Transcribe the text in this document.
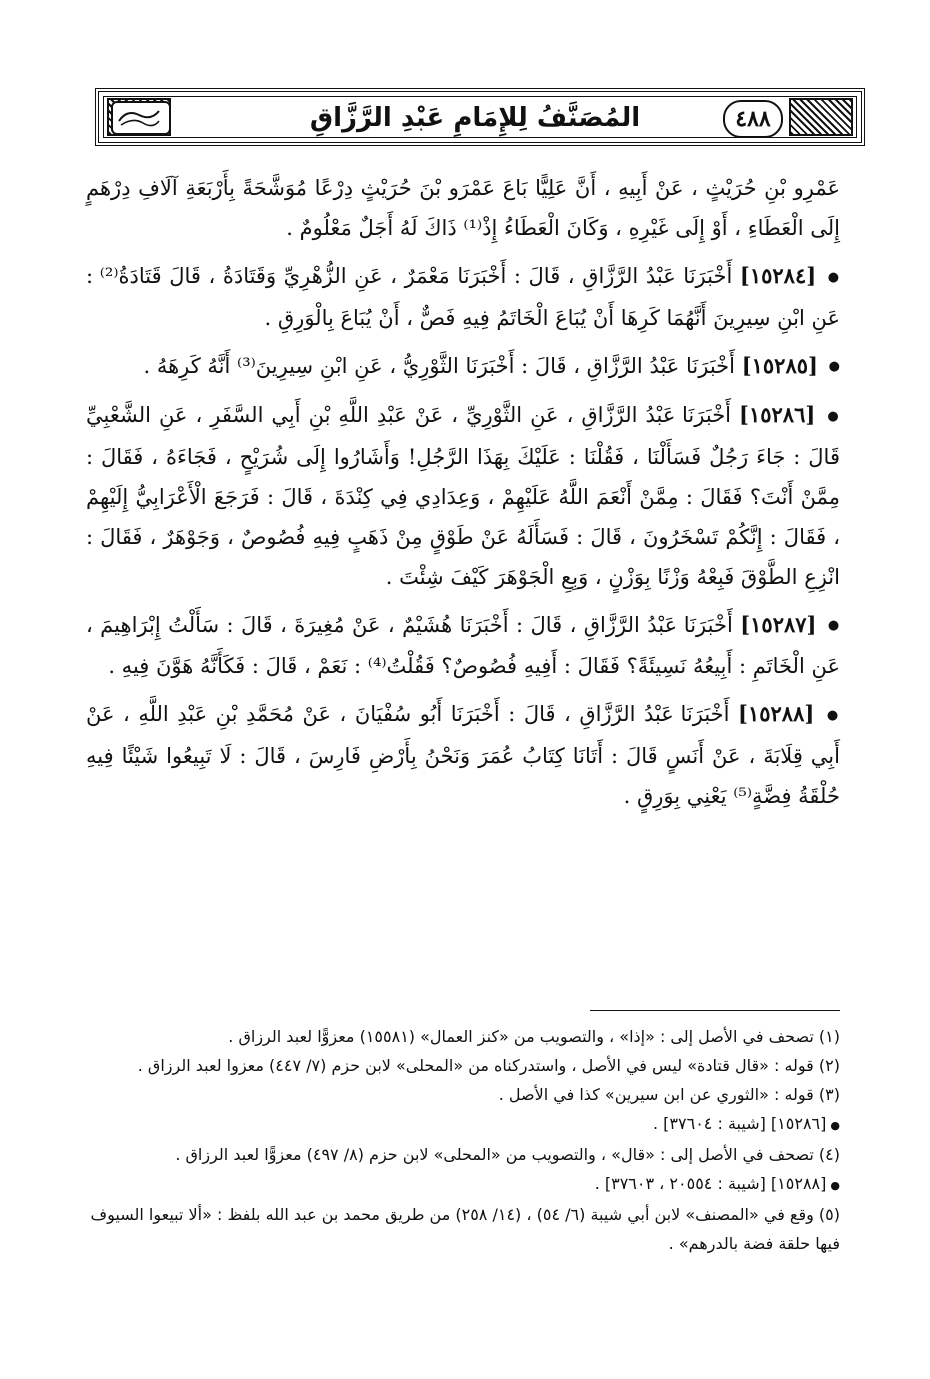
٤٨٨
المُصَنَّفُ لِلإِمَامِ عَبْدِ الرَّزَّاقِ

عَمْرِو بْنِ حُرَيْثٍ ، عَنْ أَبِيهِ ، أَنَّ عَلِيًّا بَاعَ عَمْرَو بْنَ حُرَيْثٍ دِرْعًا مُوَشَّحَةً بِأَرْبَعَةِ آلَافِ دِرْهَمٍ إِلَى الْعَطَاءِ ، أَوْ إِلَى غَيْرِهِ ، وَكَانَ الْعَطَاءُ إِذْ⁽¹⁾ ذَاكَ لَهُ أَجَلٌ مَعْلُومٌ .

● [١٥٢٨٤] أَخْبَرَنَا عَبْدُ الرَّزَّاقِ ، قَالَ : أَخْبَرَنَا مَعْمَرٌ ، عَنِ الزُّهْرِيِّ وَقَتَادَةُ ، قَالَ قَتَادَةُ⁽²⁾ : عَنِ ابْنِ سِيرِينَ أَنَّهُمَا كَرِهَا أَنْ يُبَاعَ الْخَاتَمُ فِيهِ فَصٌّ ، أَنْ يُبَاعَ بِالْوَرِقِ .

● [١٥٢٨٥] أَخْبَرَنَا عَبْدُ الرَّزَّاقِ ، قَالَ : أَخْبَرَنَا الثَّوْرِيُّ ، عَنِ ابْنِ سِيرِينَ⁽³⁾ أَنَّهُ كَرِهَهُ .

● [١٥٢٨٦] أَخْبَرَنَا عَبْدُ الرَّزَّاقِ ، عَنِ الثَّوْرِيِّ ، عَنْ عَبْدِ اللَّهِ بْنِ أَبِي السَّفَرِ ، عَنِ الشَّعْبِيِّ قَالَ : جَاءَ رَجُلٌ فَسَأَلْنَا ، فَقُلْنَا : عَلَيْكَ بِهَذَا الرَّجُلِ! وَأَشَارُوا إِلَى شُرَيْحٍ ، فَجَاءَهُ ، فَقَالَ : مِمَّنْ أَنْتَ؟ فَقَالَ : مِمَّنْ أَنْعَمَ اللَّهُ عَلَيْهِمْ ، وَعِدَادِي فِي كِنْدَةَ ، قَالَ : فَرَجَعَ الْأَعْرَابِيُّ إِلَيْهِمْ ، فَقَالَ : إِنَّكُمْ تَسْخَرُونَ ، قَالَ : فَسَأَلَهُ عَنْ طَوْقٍ مِنْ ذَهَبٍ فِيهِ فُصُوصٌ ، وَجَوْهَرٌ ، فَقَالَ : انْزِعِ الطَّوْقَ فَبِعْهُ وَزْنًا بِوَزْنٍ ، وَبِعِ الْجَوْهَرَ كَيْفَ شِئْتَ .

● [١٥٢٨٧] أَخْبَرَنَا عَبْدُ الرَّزَّاقِ ، قَالَ : أَخْبَرَنَا هُشَيْمٌ ، عَنْ مُغِيرَةَ ، قَالَ : سَأَلْتُ إِبْرَاهِيمَ ، عَنِ الْخَاتَمِ : أَبِيعُهُ نَسِيئَةً؟ فَقَالَ : أَفِيهِ فُصُوصٌ؟ فَقُلْتُ⁽⁴⁾ : نَعَمْ ، قَالَ : فَكَأَنَّهُ هَوَّنَ فِيهِ .

● [١٥٢٨٨] أَخْبَرَنَا عَبْدُ الرَّزَّاقِ ، قَالَ : أَخْبَرَنَا أَبُو سُفْيَانَ ، عَنْ مُحَمَّدِ بْنِ عَبْدِ اللَّهِ ، عَنْ أَبِي قِلَابَةَ ، عَنْ أَنَسٍ قَالَ : أَتَانَا كِتَابُ عُمَرَ وَنَحْنُ بِأَرْضِ فَارِسَ ، قَالَ : لَا تَبِيعُوا شَيْئًا فِيهِ حُلْقَةُ فِضَّةٍ⁽⁵⁾ يَعْنِي بِوَرِقٍ .

(١) تصحف في الأصل إلى : «إذا» ، والتصويب من «كنز العمال» (١٥٥٨١) معزوًّا لعبد الرزاق .

(٢) قوله : «قال قتادة» ليس في الأصل ، واستدركناه من «المحلى» لابن حزم (٧/ ٤٤٧) معزوا لعبد الرزاق .

(٣) قوله : «الثوري عن ابن سيرين» كذا في الأصل .

● [١٥٢٨٦] [شيبة : ٣٧٦٠٤] .

(٤) تصحف في الأصل إلى : «قال» ، والتصويب من «المحلى» لابن حزم (٨/ ٤٩٧) معزوًّا لعبد الرزاق .

● [١٥٢٨٨] [شيبة : ٢٠٥٥٤ ، ٣٧٦٠٣] .

(٥) وقع في «المصنف» لابن أبي شيبة (٦/ ٥٤) ، (١٤/ ٢٥٨) من طريق محمد بن عبد الله بلفظ : «ألا تبيعوا السيوف فيها حلقة فضة بالدرهم» .
